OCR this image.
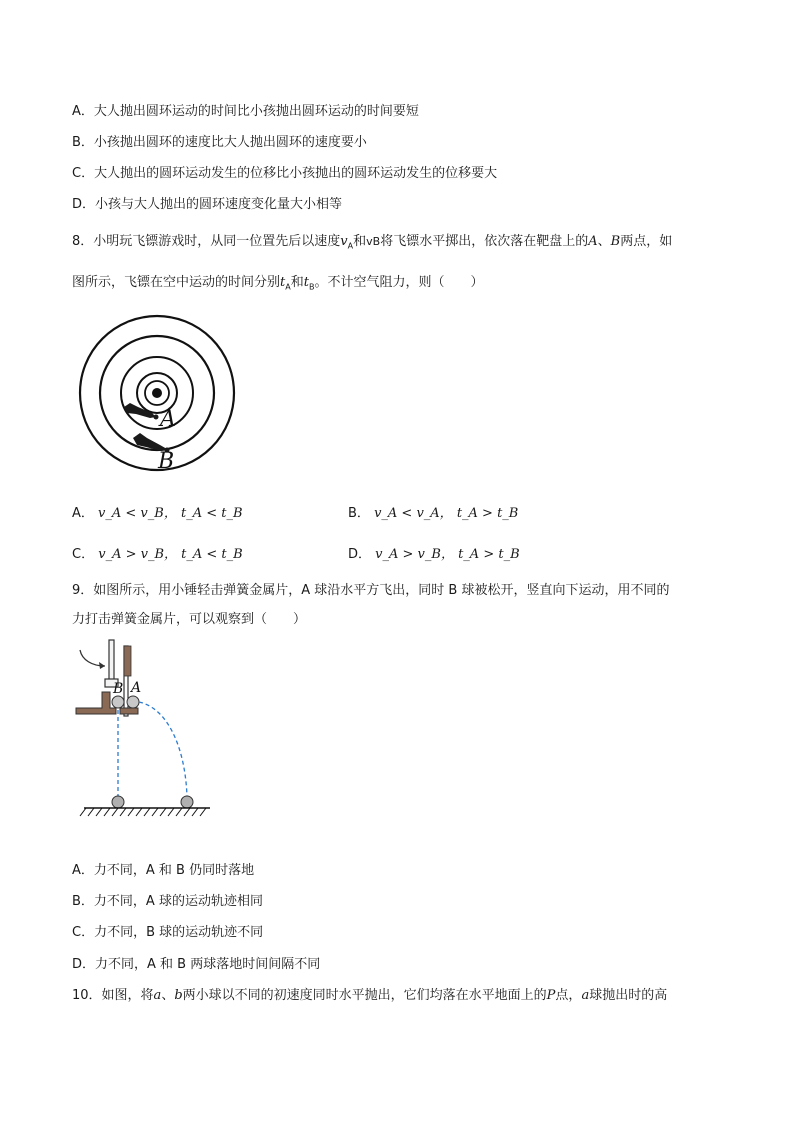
A．大人抛出圆环运动的时间比小孩抛出圆环运动的时间要短
B．小孩抛出圆环的速度比大人抛出圆环的速度要小
C．大人抛出的圆环运动发生的位移比小孩抛出的圆环运动发生的位移要大
D．小孩与大人抛出的圆环速度变化量大小相等
8．小明玩飞镖游戏时，从同一位置先后以速度$v_A$和vB将飞镖水平掷出，依次落在靶盘上的A、B两点，如
图所示，飞镖在空中运动的时间分别$t_A$和$t_B$。不计空气阻力，则（　　）
A
B
A． v_A < v_B， t_A < t_B	B． v_A < v_A， t_A > t_B
C． v_A > v_B， t_A < t_B	D． v_A > v_B， t_A > t_B
9．如图所示，用小锤轻击弹簧金属片，A 球沿水平方飞出，同时 B 球被松开，竖直向下运动，用不同的
力打击弹簧金属片，可以观察到（　　）
B A
A．力不同，A 和 B 仍同时落地
B．力不同，A 球的运动轨迹相同
C．力不同，B 球的运动轨迹不同
D．力不同，A 和 B 两球落地时间间隔不同
10．如图，将a、b两小球以不同的初速度同时水平抛出，它们均落在水平地面上的P点，a球抛出时的高
